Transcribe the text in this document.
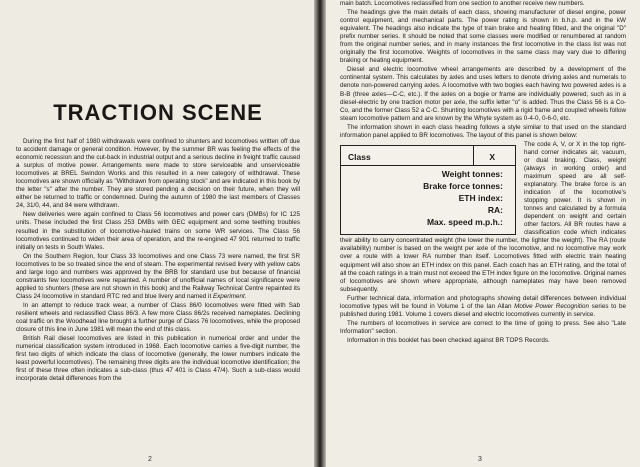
TRACTION SCENE

During the first half of 1980 withdrawals were confined to shunters and locomotives written off due to accident damage or general condition. However, by the summer BR was feeling the effects of the economic recession and the cut-back in industrial output and a serious decline in freight traffic caused a surplus of motive power. Arrangements were made to store serviceable and unserviceable locomotives at BREL Swindon Works and this resulted in a new category of withdrawal. These locomotives are shown officially as "Withdrawn from operating stock" and are indicated in this book by the letter "s" after the number. They are stored pending a decision on their future, when they will either be returned to traffic or condemned. During the autumn of 1980 the last members of Classes 24, 31/0, 44, and 84 were withdrawn.

New deliveries were again confined to Class 56 locomotives and power cars (DMBs) for IC 125 units. These included the first Class 253 DMBs with GEC equipment and some teething troubles resulted in the substitution of locomotive-hauled trains on some WR services. The Class 56 locomotives continued to widen their area of operation, and the re-engined 47 901 returned to traffic initially on tests in South Wales.

On the Southern Region, four Class 33 locomotives and one Class 73 were named, the first SR locomotives to be so treated since the end of steam. The experimental revised livery with yellow cabs and large logo and numbers was approved by the BRB for standard use but because of financial constraints few locomotives were repainted. A number of unofficial names of local significance were applied to shunters (these are not shown in this book) and the Railway Technical Centre repainted its Class 24 locomotive in standard RTC red and blue livery and named it Experiment.

In an attempt to reduce track wear, a number of Class 86/0 locomotives were fitted with Sab resilient wheels and reclassified Class 86/3. A few more Class 86/2s received nameplates. Declining coal traffic on the Woodhead line brought a further purge of Class 76 locomotives, while the proposed closure of this line in June 1981 will mean the end of this class.

British Rail diesel locomotives are listed in this publication in numerical order and under the numerical classification system introduced in 1968. Each locomotive carries a five-digit number, the first two digits of which indicate the class of locomotive (generally, the lower numbers indicate the least powerful locomotives). The remaining three digits are the individual locomotive identification; the first of these three often indicates a sub-class (thus 47 401 is Class 47/4). Such a sub-class would incorporate detail differences from the

2

main batch. Locomotives reclassified from one section to another receive new numbers.

The headings give the main details of each class, showing manufacturer of diesel engine, power control equipment, and mechanical parts. The power rating is shown in b.h.p. and in the kW equivalent. The headings also indicate the type of train brake and heating fitted, and the original "D" prefix number series. It should be noted that some classes were modified or renumbered at random from the original number series, and in many instances the first locomotive in the class list was not originally the first locomotive. Weights of locomotives in the same class may vary due to differing braking or heating equipment.

Diesel and electric locomotive wheel arrangements are described by a development of the continental system. This calculates by axles and uses letters to denote driving axles and numerals to denote non-powered carrying axles. A locomotive with two bogies each having two powered axles is a B-B (three axles—C-C, etc.). If the axles on a bogie or frame are individually powered, such as in a diesel-electric by one traction motor per axle, the suffix letter "o" is added. Thus the Class 56 is a Co-Co, and the former Class 52 a C-C. Shunting locomotives with a rigid frame and coupled wheels follow steam locomotive pattern and are known by the Whyte system as 0-4-0, 0-6-0, etc.

The information shown in each class heading follows a style similar to that used on the standard information panel applied to BR locomotives. The layout of this panel is shown below:

Class	X
Weight tonnes:
Brake force tonnes:
ETH index:
RA:
Max. speed m.p.h.:

The code A, V, or X in the top right-hand corner indicates air, vacuum, or dual braking. Class, weight (always in working order) and maximum speed are all self-explanatory. The brake force is an indication of the locomotive's stopping power. It is shown in tonnes and calculated by a formula dependent on weight and certain other factors. All BR routes have a classification code which indicates their ability to carry concentrated weight (the lower the number, the lighter the weight). The RA (route availability) number is based on the weight per axle of the locomotive, and no locomotive may work over a route with a lower RA number than itself. Locomotives fitted with electric train heating equipment will also show an ETH index on this panel. Each coach has an ETH rating, and the total of all the coach ratings in a train must not exceed the ETH index figure on the locomotive. Original names of locomotives are shown where appropriate, although nameplates may have been removed subsequently.

Further technical data, information and photographs showing detail differences between individual locomotive types will be found in Volume 1 of the Ian Allan Motive Power Recognition series to be published during 1981. Volume 1 covers diesel and electric locomotives currently in service.

The numbers of locomotives in service are correct to the time of going to press. See also "Late Information" section.

Information in this booklet has been checked against BR TOPS Records.

3
